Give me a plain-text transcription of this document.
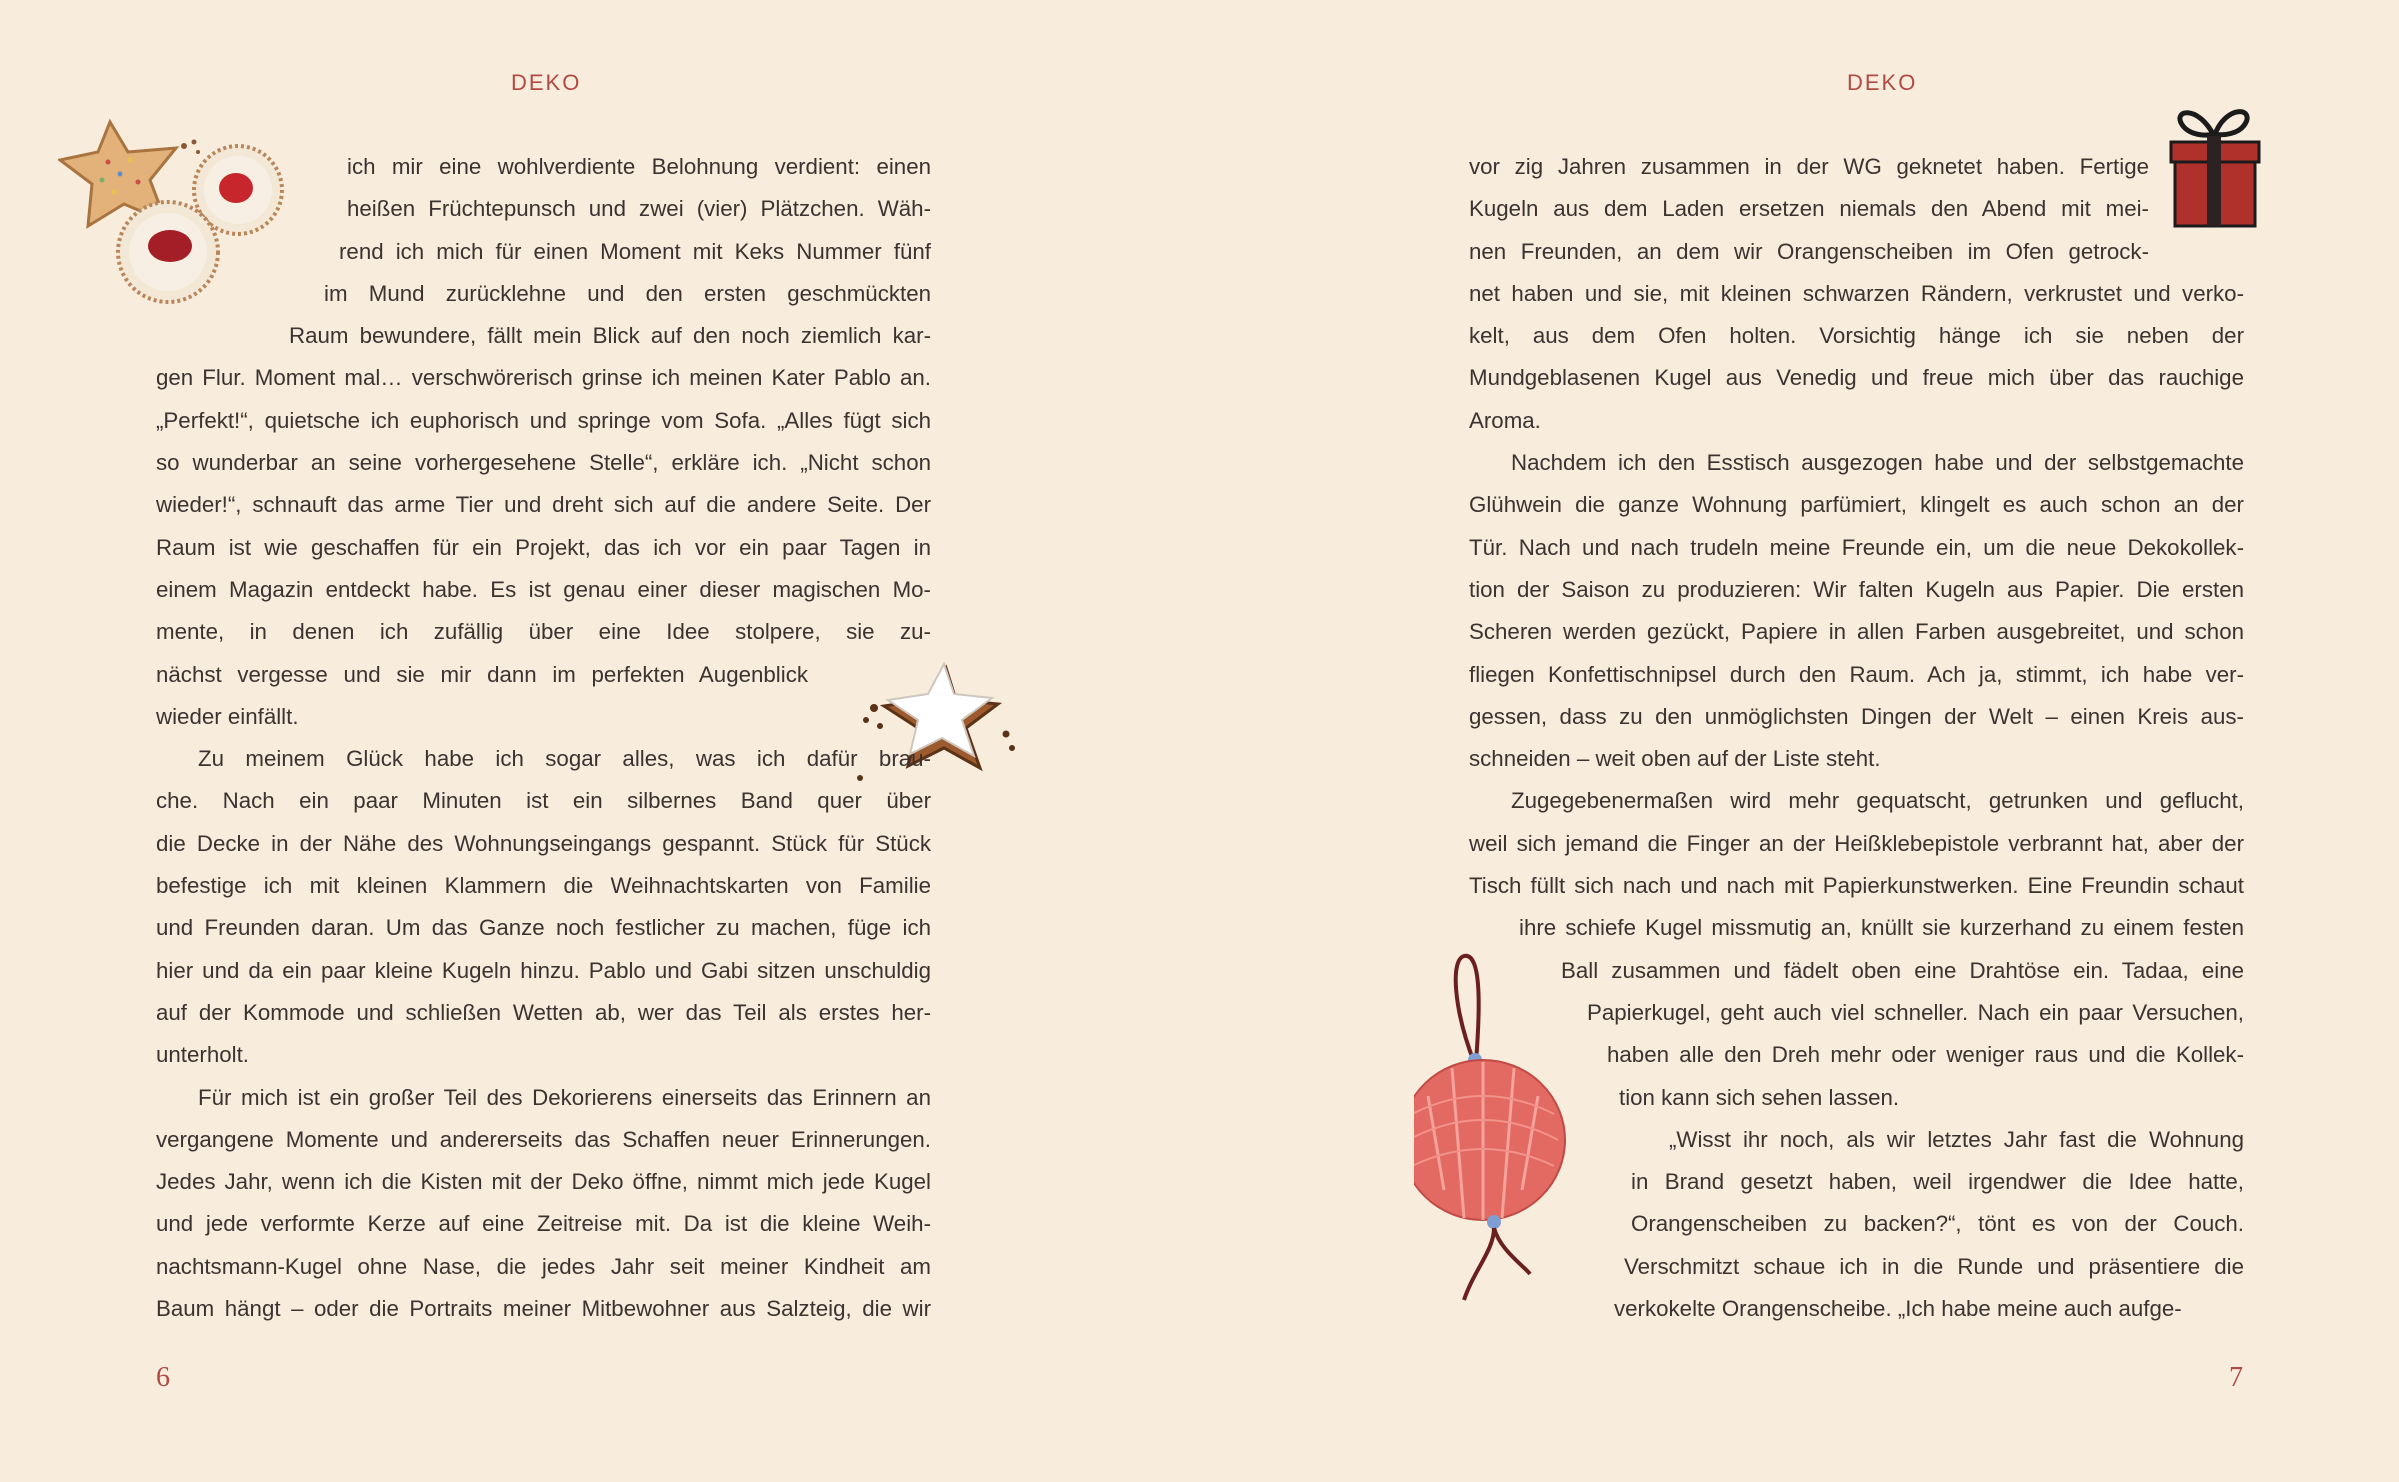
DEKO
ich mir eine wohlverdiente Belohnung verdient: einen
heißen Früchtepunsch und zwei (vier) Plätzchen. Wäh-
rend ich mich für einen Moment mit Keks Nummer fünf
im Mund zurücklehne und den ersten geschmückten
Raum bewundere, fällt mein Blick auf den noch ziemlich kar-
gen Flur. Moment mal… verschwörerisch grinse ich meinen Kater Pablo an.
„Perfekt!“, quietsche ich euphorisch und springe vom Sofa. „Alles fügt sich
so wunderbar an seine vorhergesehene Stelle“, erkläre ich. „Nicht schon
wieder!“, schnauft das arme Tier und dreht sich auf die andere Seite. Der
Raum ist wie geschaffen für ein Projekt, das ich vor ein paar Tagen in
einem Magazin entdeckt habe. Es ist genau einer dieser magischen Mo-
mente, in denen ich zufällig über eine Idee stolpere, sie zu-
nächst vergesse und sie mir dann im perfekten Augenblick
wieder einfällt.
Zu meinem Glück habe ich sogar alles, was ich dafür brau-
che. Nach ein paar Minuten ist ein silbernes Band quer über
die Decke in der Nähe des Wohnungseingangs gespannt. Stück für Stück
befestige ich mit kleinen Klammern die Weihnachtskarten von Familie
und Freunden daran. Um das Ganze noch festlicher zu machen, füge ich
hier und da ein paar kleine Kugeln hinzu. Pablo und Gabi sitzen unschuldig
auf der Kommode und schließen Wetten ab, wer das Teil als erstes her-
unterholt.
Für mich ist ein großer Teil des Dekorierens einerseits das Erinnern an
vergangene Momente und andererseits das Schaffen neuer Erinnerungen.
Jedes Jahr, wenn ich die Kisten mit der Deko öffne, nimmt mich jede Kugel
und jede verformte Kerze auf eine Zeitreise mit. Da ist die kleine Weih-
nachtsmann-Kugel ohne Nase, die jedes Jahr seit meiner Kindheit am
Baum hängt – oder die Portraits meiner Mitbewohner aus Salzteig, die wir
6
DEKO
vor zig Jahren zusammen in der WG geknetet haben. Fertige
Kugeln aus dem Laden ersetzen niemals den Abend mit mei-
nen Freunden, an dem wir Orangenscheiben im Ofen getrock-
net haben und sie, mit kleinen schwarzen Rändern, verkrustet und verko-
kelt, aus dem Ofen holten. Vorsichtig hänge ich sie neben der
Mundgeblasenen Kugel aus Venedig und freue mich über das rauchige
Aroma.
Nachdem ich den Esstisch ausgezogen habe und der selbstgemachte
Glühwein die ganze Wohnung parfümiert, klingelt es auch schon an der
Tür. Nach und nach trudeln meine Freunde ein, um die neue Dekokollek-
tion der Saison zu produzieren: Wir falten Kugeln aus Papier. Die ersten
Scheren werden gezückt, Papiere in allen Farben ausgebreitet, und schon
fliegen Konfettischnipsel durch den Raum. Ach ja, stimmt, ich habe ver-
gessen, dass zu den unmöglichsten Dingen der Welt – einen Kreis aus-
schneiden – weit oben auf der Liste steht.
Zugegebenermaßen wird mehr gequatscht, getrunken und geflucht,
weil sich jemand die Finger an der Heißklebepistole verbrannt hat, aber der
Tisch füllt sich nach und nach mit Papierkunstwerken. Eine Freundin schaut
ihre schiefe Kugel missmutig an, knüllt sie kurzerhand zu einem festen
Ball zusammen und fädelt oben eine Drahtöse ein. Tadaa, eine
Papierkugel, geht auch viel schneller. Nach ein paar Versuchen,
haben alle den Dreh mehr oder weniger raus und die Kollek-
tion kann sich sehen lassen.
„Wisst ihr noch, als wir letztes Jahr fast die Wohnung
in Brand gesetzt haben, weil irgendwer die Idee hatte,
Orangenscheiben zu backen?“, tönt es von der Couch.
Verschmitzt schaue ich in die Runde und präsentiere die
verkokelte Orangenscheibe. „Ich habe meine auch aufge-
7
